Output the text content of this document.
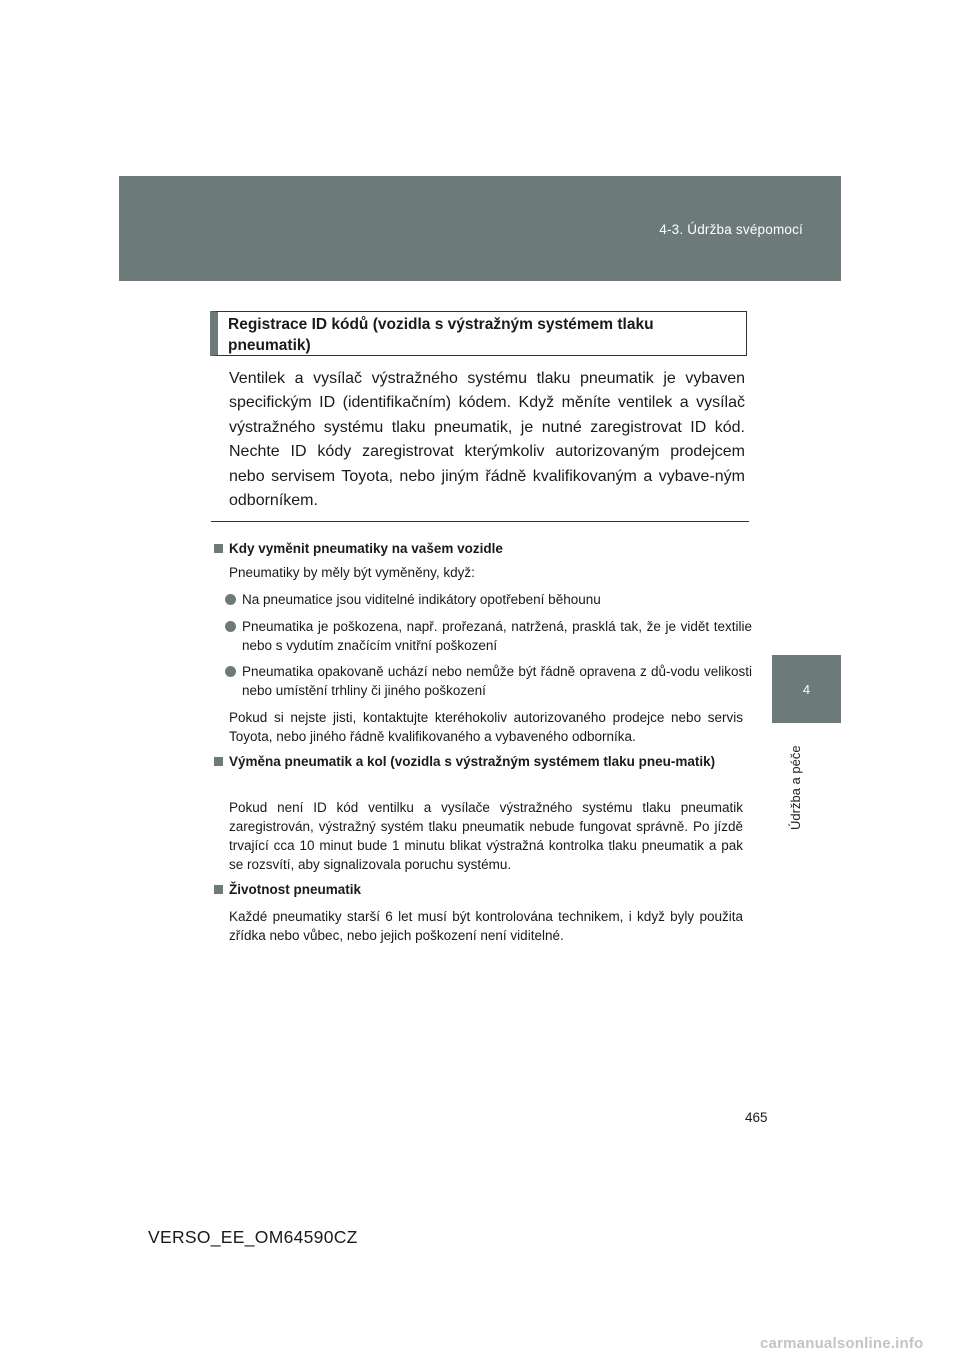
4-3. Údržba svépomocí
4
Údržba a péče
Registrace ID kódů (vozidla s výstražným systémem tlaku pneumatik)

Ventilek a vysílač výstražného systému tlaku pneumatik je vybaven specifickým ID (identifikačním) kódem. Když měníte ventilek a vysílač výstražného systému tlaku pneumatik, je nutné zaregistrovat ID kód. Nechte ID kódy zaregistrovat kterýmkoliv autorizovaným prodejcem nebo servisem Toyota, nebo jiným řádně kvalifikovaným a vybave-ným odborníkem.

Kdy vyměnit pneumatiky na vašem vozidle

Pneumatiky by měly být vyměněny, když:

Na pneumatice jsou viditelné indikátory opotřebení běhounu

Pneumatika je poškozena, např. prořezaná, natržená, prasklá tak, že je vidět textilie nebo s vydutím značícím vnitřní poškození

Pneumatika opakovaně uchází nebo nemůže být řádně opravena z dů-vodu velikosti nebo umístění trhliny či jiného poškození

Pokud si nejste jisti, kontaktujte kteréhokoliv autorizovaného prodejce nebo servis Toyota, nebo jiného řádně kvalifikovaného a vybaveného odborníka.

Výměna pneumatik a kol (vozidla s výstražným systémem tlaku pneu-matik)

Pokud není ID kód ventilku a vysílače výstražného systému tlaku pneumatik zaregistrován, výstražný systém tlaku pneumatik nebude fungovat správně. Po jízdě trvající cca 10 minut bude 1 minutu blikat výstražná kontrolka tlaku pneumatik a pak se rozsvítí, aby signalizovala poruchu systému.

Životnost pneumatik

Každé pneumatiky starší 6 let musí být kontrolována technikem, i když byly použita zřídka nebo vůbec, nebo jejich poškození není viditelné.

465
VERSO_EE_OM64590CZ
carmanualsonline.info
